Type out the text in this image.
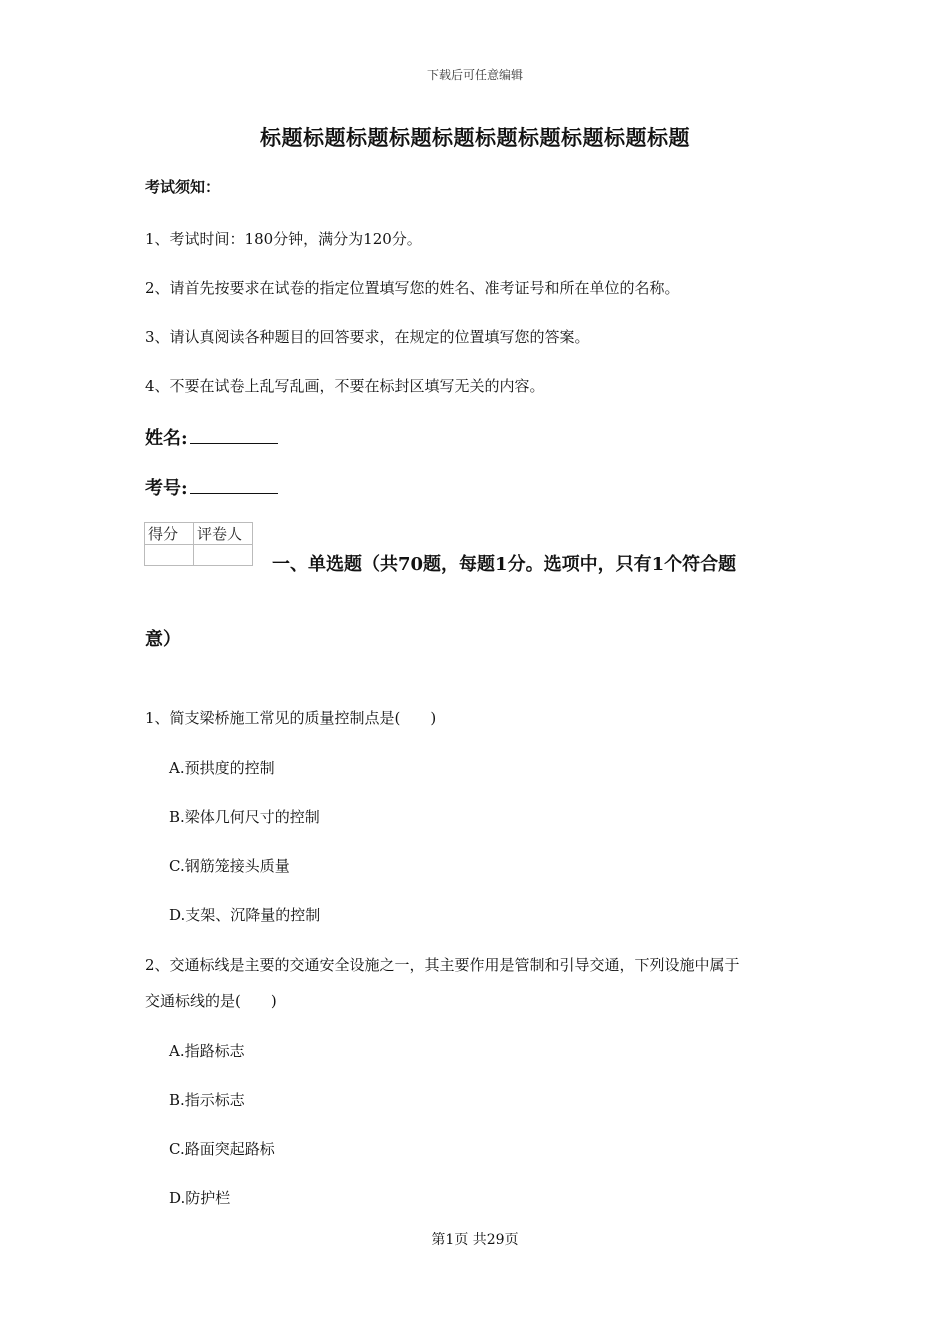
下载后可任意编辑
标题标题标题标题标题标题标题标题标题标题
考试须知：
1、考试时间：180分钟，满分为120分。
2、请首先按要求在试卷的指定位置填写您的姓名、准考证号和所在单位的名称。
3、请认真阅读各种题目的回答要求，在规定的位置填写您的答案。
4、不要在试卷上乱写乱画，不要在标封区填写无关的内容。
姓名:
考号:
得分	评卷人

一、单选题（共70题，每题1分。选项中，只有1个符合题
意）
1、简支梁桥施工常见的质量控制点是(　　)
A.预拱度的控制
B.梁体几何尺寸的控制
C.钢筋笼接头质量
D.支架、沉降量的控制
2、交通标线是主要的交通安全设施之一，其主要作用是管制和引导交通，下列设施中属于
交通标线的是(　　)
A.指路标志
B.指示标志
C.路面突起路标
D.防护栏
第1页 共29页
